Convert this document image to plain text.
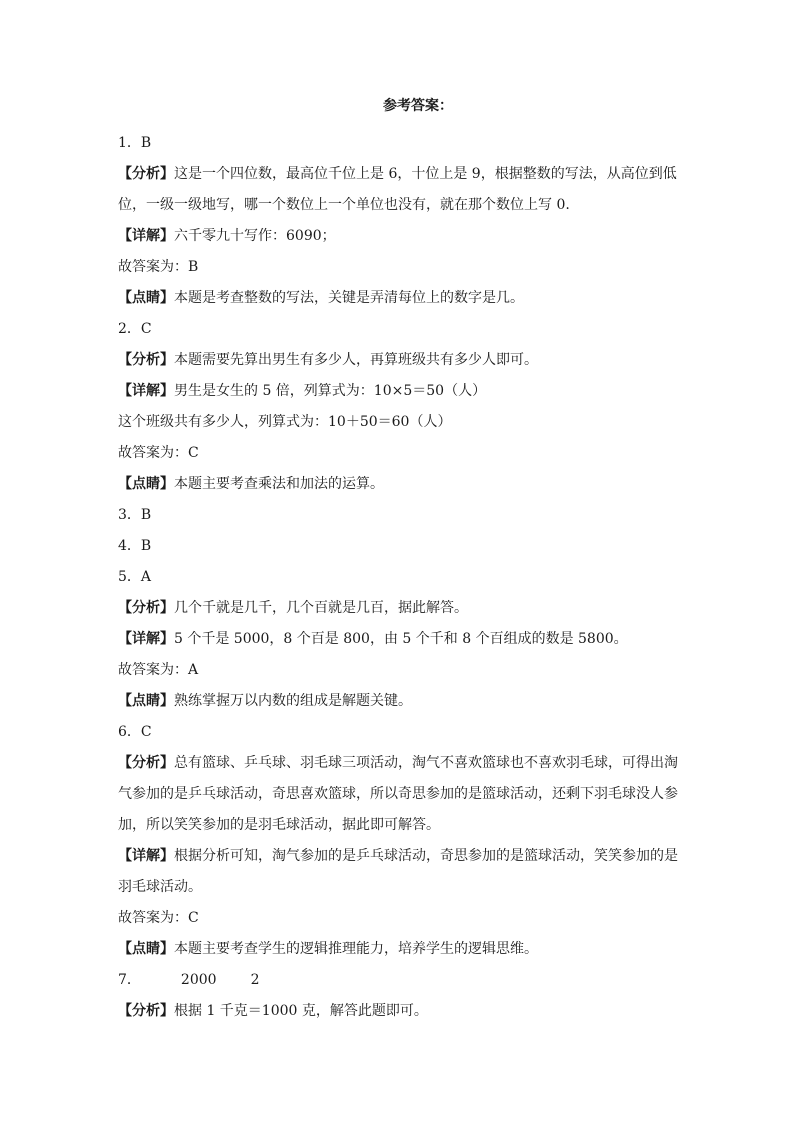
参考答案：
1．B
【分析】这是一个四位数，最高位千位上是 6，十位上是 9，根据整数的写法，从高位到低
位，一级一级地写，哪一个数位上一个单位也没有，就在那个数位上写 0.
【详解】六千零九十写作：6090；
故答案为：B
【点睛】本题是考查整数的写法，关键是弄清每位上的数字是几。
2．C
【分析】本题需要先算出男生有多少人，再算班级共有多少人即可。
【详解】男生是女生的 5 倍，列算式为：10×5＝50（人）
这个班级共有多少人，列算式为：10＋50＝60（人）
故答案为：C
【点睛】本题主要考查乘法和加法的运算。
3．B
4．B
5．A
【分析】几个千就是几千，几个百就是几百，据此解答。
【详解】5 个千是 5000，8 个百是 800，由 5 个千和 8 个百组成的数是 5800。
故答案为：A
【点睛】熟练掌握万以内数的组成是解题关键。
6．C
【分析】总有篮球、乒乓球、羽毛球三项活动，淘气不喜欢篮球也不喜欢羽毛球，可得出淘
气参加的是乒乓球活动，奇思喜欢篮球，所以奇思参加的是篮球活动，还剩下羽毛球没人参
加，所以笑笑参加的是羽毛球活动，据此即可解答。
【详解】根据分析可知，淘气参加的是乒乓球活动，奇思参加的是篮球活动，笑笑参加的是
羽毛球活动。
故答案为：C
【点睛】本题主要考查学生的逻辑推理能力，培养学生的逻辑思维。
7．	2000 2
【分析】根据 1 千克＝1000 克，解答此题即可。
